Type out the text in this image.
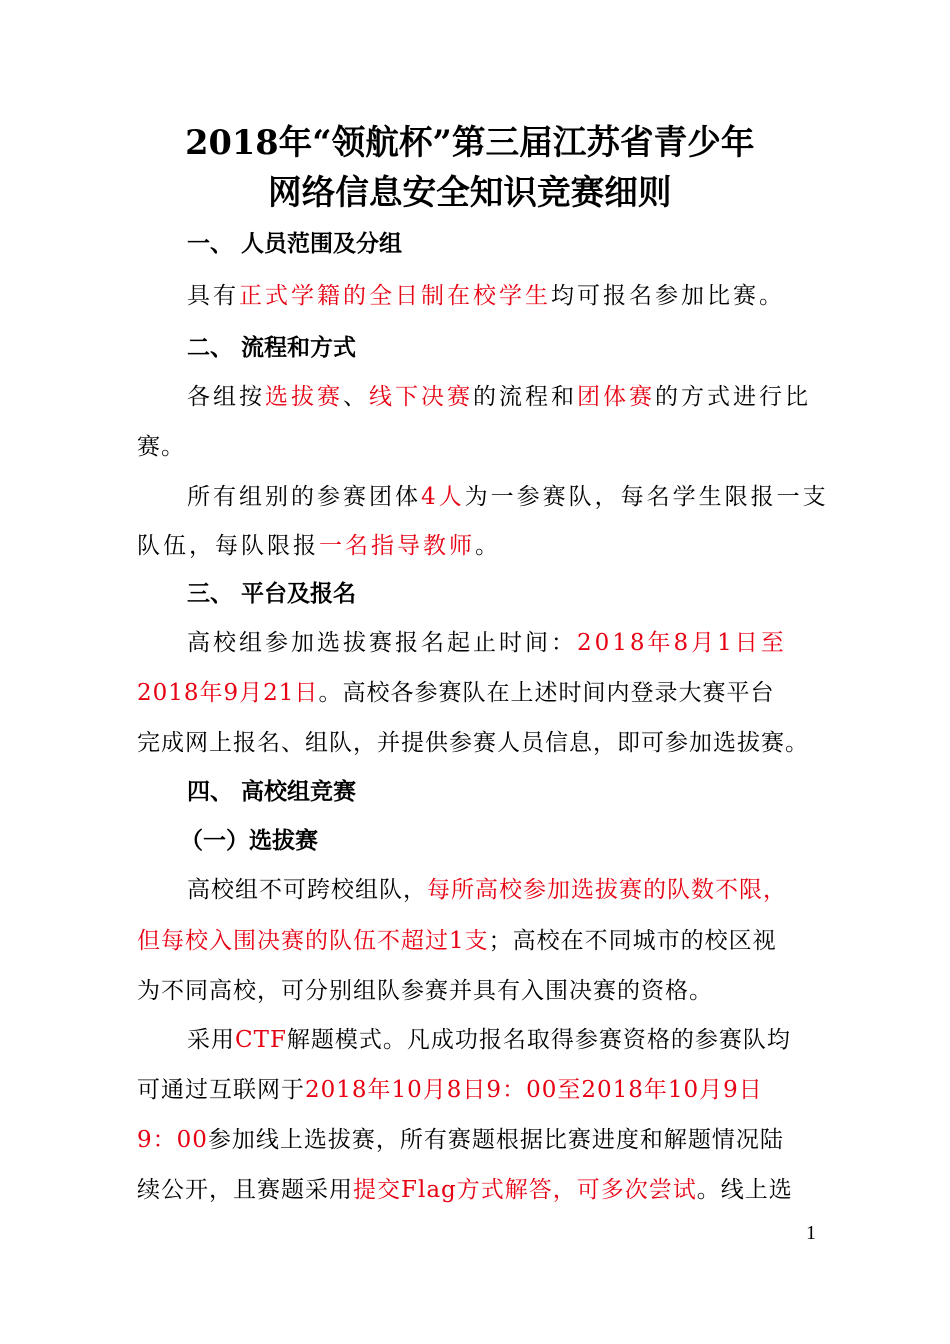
2018年“领航杯”第三届江苏省青少年
网络信息安全知识竞赛细则
一、 人员范围及分组
具有正式学籍的全日制在校学生均可报名参加比赛。
二、 流程和方式
各组按选拔赛、线下决赛的流程和团体赛的方式进行比
赛。
所有组别的参赛团体4人为一参赛队，每名学生限报一支
队伍，每队限报一名指导教师。
三、 平台及报名
高校组参加选拔赛报名起止时间：2018年8月1日至
2018年9月21日。高校各参赛队在上述时间内登录大赛平台
完成网上报名、组队，并提供参赛人员信息，即可参加选拔赛。
四、 高校组竞赛
（一）选拔赛
高校组不可跨校组队，每所高校参加选拔赛的队数不限，
但每校入围决赛的队伍不超过1支；高校在不同城市的校区视
为不同高校，可分别组队参赛并具有入围决赛的资格。
采用CTF解题模式。凡成功报名取得参赛资格的参赛队均
可通过互联网于2018年10月8日9：00至2018年10月9日
9：00参加线上选拔赛，所有赛题根据比赛进度和解题情况陆
续公开，且赛题采用提交Flag方式解答，可多次尝试。线上选
1
